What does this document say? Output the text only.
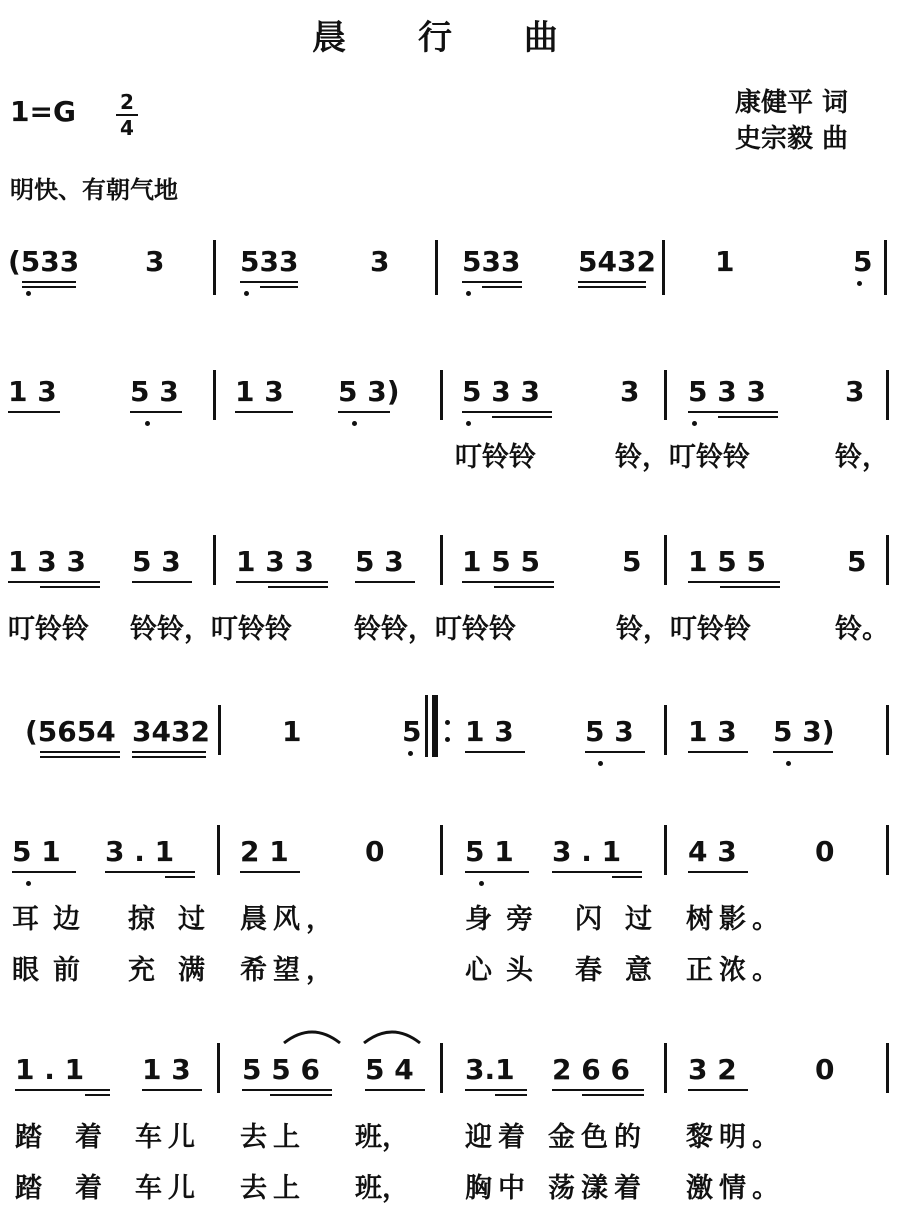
晨 行 曲
1=G 2
4
康健平 词
史宗毅 曲
明快、有朝气地
(533 3	533	3	533 5432 1	5
1 3	5 3 1 3 5 3) 5 3 3	3 5 3 3	3
叮铃铃	铃，叮铃铃	铃，
1 3 3 5 3 1 3 3 5 3 1 5 5	5 1 5 5	5
叮铃铃 铃铃，叮铃铃 铃铃，叮铃铃	铃，叮铃铃	铃。
(5654 3432	1	5 1 3	5 3 1 3 5 3)
5 1 3 . 1 2 1	0	5 1 3 . 1 4 3	0
耳边 掠 过 晨风，	身旁 闪 过 树影。
眼前 充 满 希望，	心头 春 意 正浓。
1 . 1 1 3 5 5 6 5 4 3.1 2 6 6 3 2	0
踏 着 车儿 去上 班， 迎着 金色的 黎明。
踏 着 车儿 去上 班， 胸中 荡漾着 激情。
